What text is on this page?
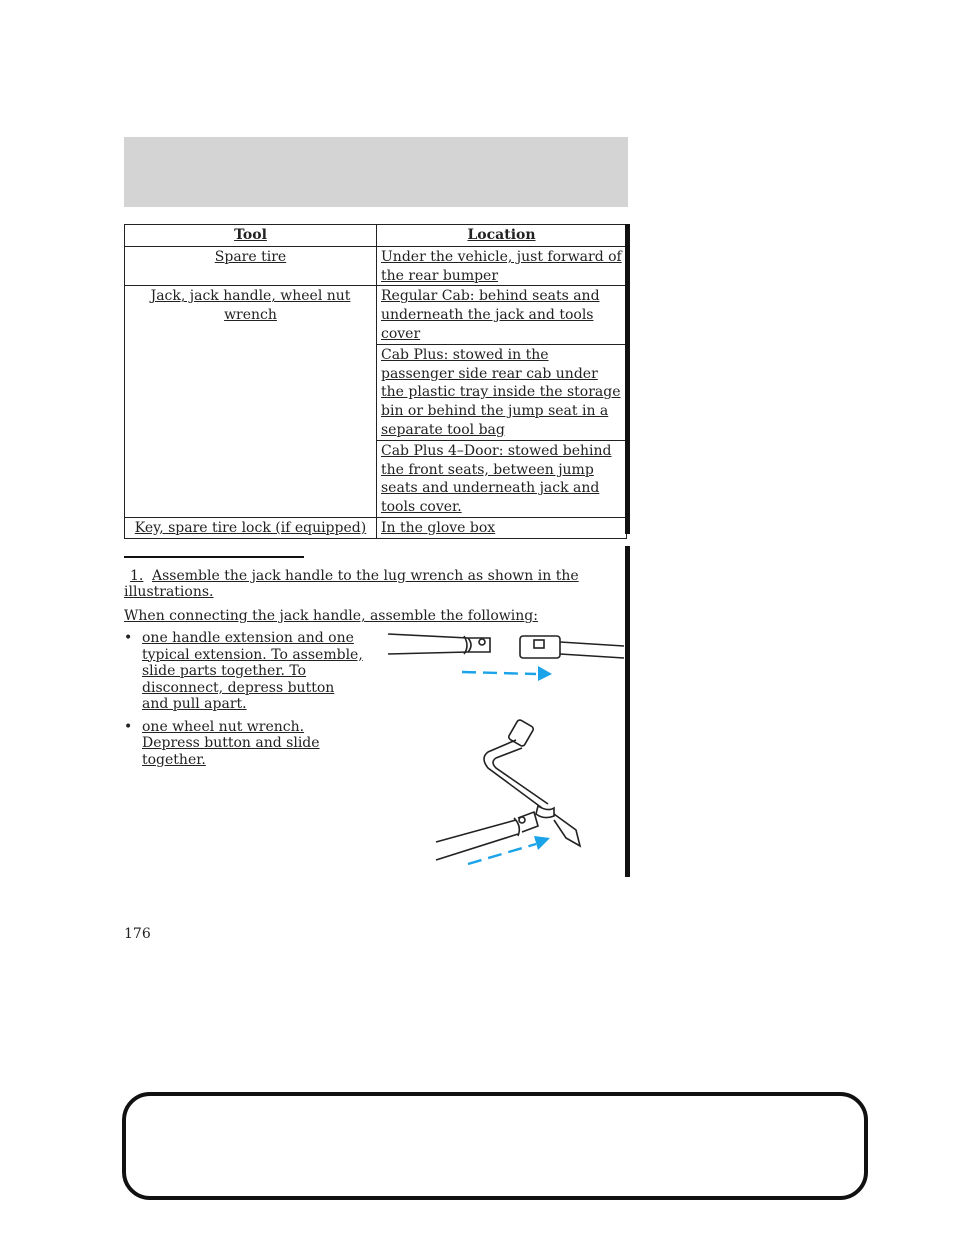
Tool	Location
Spare tire	Under the vehicle, just forward of the rear bumper
Jack, jack handle, wheel nut wrench	Regular Cab: behind seats and underneath the jack and tools cover
	Cab Plus: stowed in the passenger side rear cab under the plastic tray inside the storage bin or behind the jump seat in a separate tool bag
	Cab Plus 4–Door: stowed behind the front seats, between jump seats and underneath jack and tools cover.
Key, spare tire lock (if equipped)	In the glove box
1. Assemble the jack handle to the lug wrench as shown in the illustrations.
When connecting the jack handle, assemble the following:
• one handle extension and one typical extension. To assemble, slide parts together. To disconnect, depress button and pull apart.
• one wheel nut wrench. Depress button and slide together.
176
